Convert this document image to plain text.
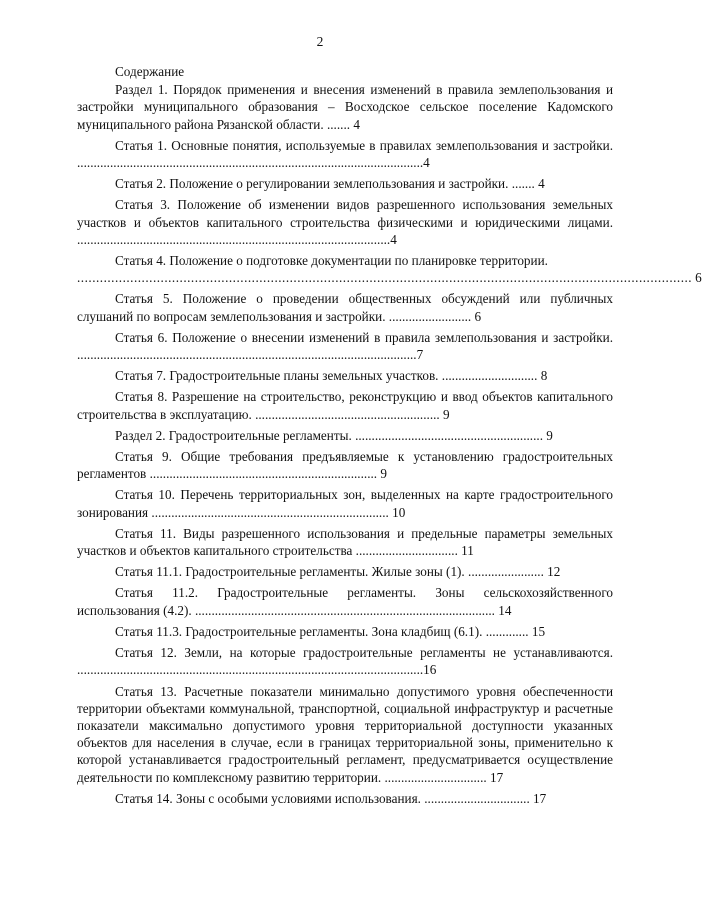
2
Содержание
Раздел 1. Порядок применения и внесения изменений в правила землепользования и застройки муниципального образования – Восходское сельское поселение Кадомского муниципального района Рязанской области. ....... 4
Статья 1. Основные понятия, используемые в правилах землепользования и застройки. .........................................................................................................4
Статья 2. Положение о регулировании землепользования и застройки. ....... 4
Статья 3. Положение об изменении видов разрешенного использования земельных участков и объектов капитального строительства физическими и юридическими лицами. ...............................................................................................4
Статья 4. Положение о подготовке документации по планировке территории.
.................................................................................................................................................................. 6
Статья 5. Положение о проведении общественных обсуждений или публичных слушаний по вопросам землепользования и застройки. ......................... 6
Статья 6. Положение о внесении изменений в правила землепользования и застройки. .......................................................................................................7
Статья 7. Градостроительные планы земельных участков. ............................. 8
Статья 8. Разрешение на строительство, реконструкцию и ввод объектов капитального строительства в эксплуатацию. ........................................................ 9
Раздел 2. Градостроительные регламенты. ......................................................... 9
Статья 9. Общие требования предъявляемые к установлению градостроительных регламентов ..................................................................... 9
Статья 10. Перечень территориальных зон, выделенных на карте градостроительного зонирования ........................................................................ 10
Статья 11. Виды разрешенного использования и предельные параметры земельных участков и объектов капитального строительства ............................... 11
Статья 11.1. Градостроительные регламенты. Жилые зоны (1). ....................... 12
Статья 11.2. Градостроительные регламенты. Зоны сельскохозяйственного использования (4.2). ........................................................................................... 14
Статья 11.3. Градостроительные регламенты. Зона кладбищ (6.1). ............. 15
Статья 12. Земли, на которые градостроительные регламенты не устанавливаются. .........................................................................................................16
Статья 13. Расчетные показатели минимально допустимого уровня обеспеченности территории объектами коммунальной, транспортной, социальной инфраструктур и расчетные показатели максимально допустимого уровня территориальной доступности указанных объектов для населения в случае, если в границах территориальной зоны, применительно к которой устанавливается градостроительный регламент, предусматривается осуществление деятельности по комплексному развитию территории. ............................... 17
Статья 14. Зоны с особыми условиями использования. ................................ 17
